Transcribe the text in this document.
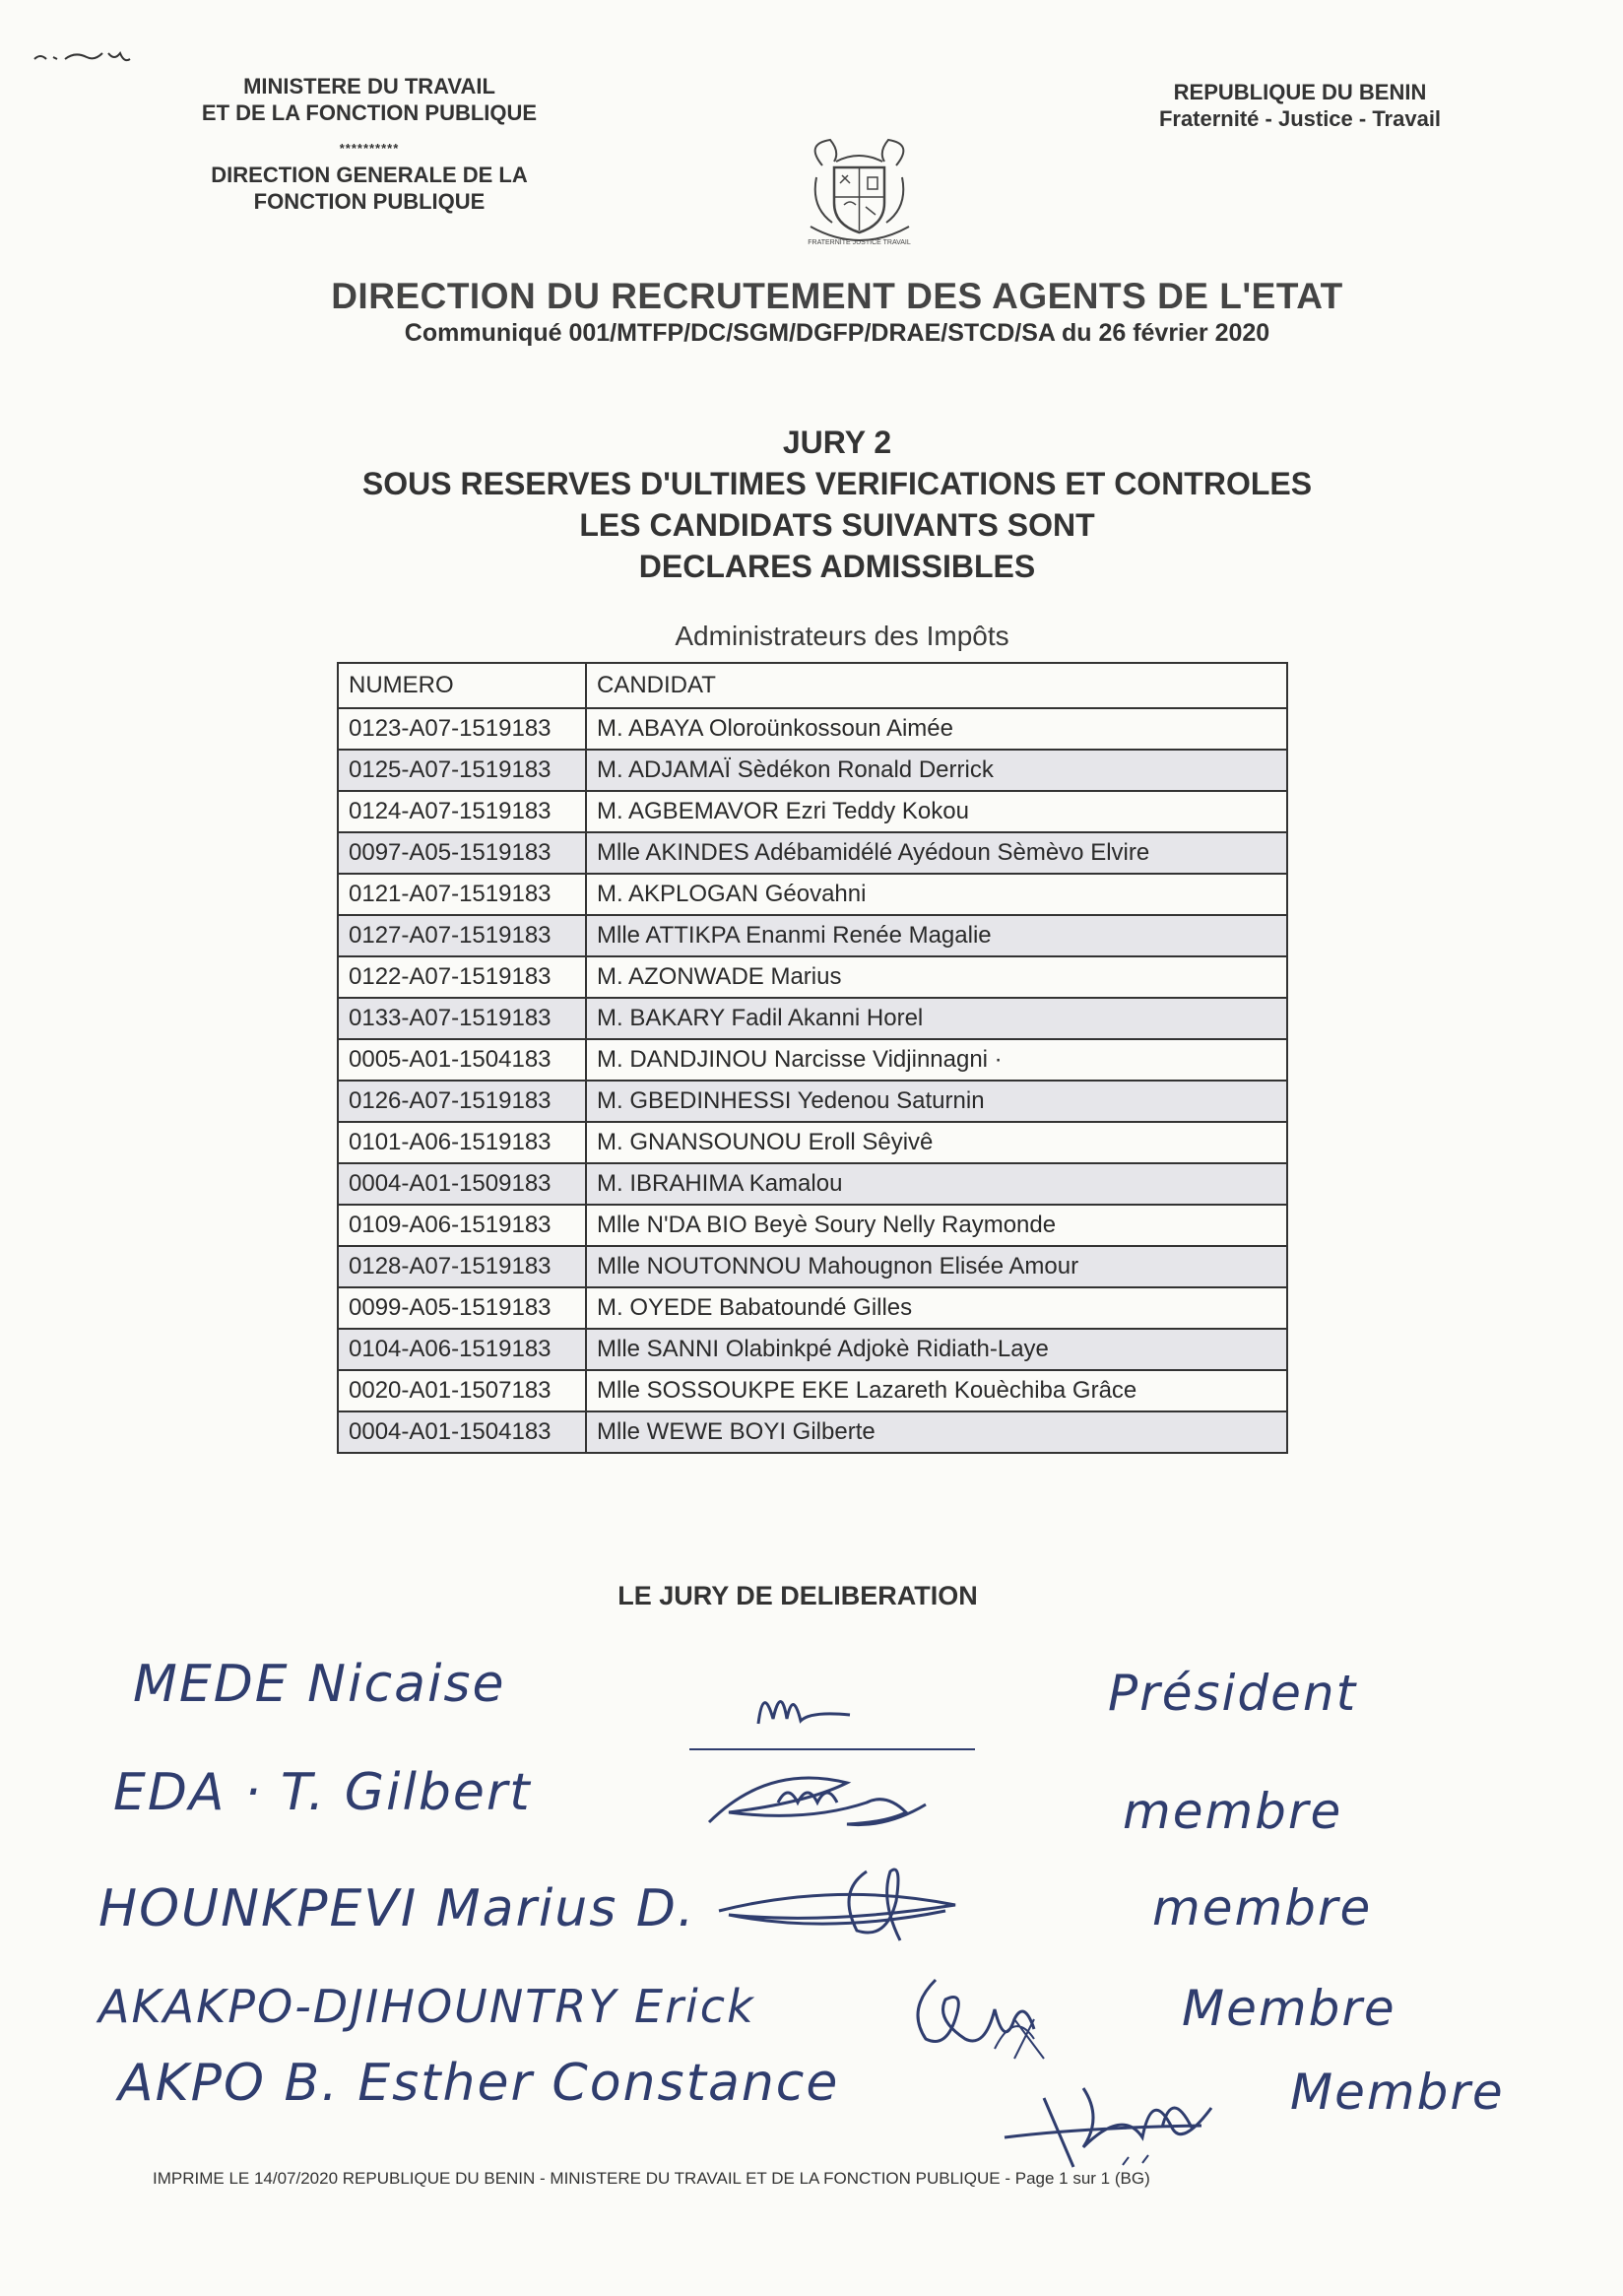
MINISTERE DU TRAVAIL
ET DE LA FONCTION PUBLIQUE
**********
DIRECTION GENERALE DE LA
FONCTION PUBLIQUE
REPUBLIQUE DU BENIN
Fraternité - Justice - Travail
FRATERNITE JUSTICE TRAVAIL
DIRECTION DU RECRUTEMENT DES AGENTS DE L'ETAT
Communiqué 001/MTFP/DC/SGM/DGFP/DRAE/STCD/SA du 26 février 2020
JURY 2
SOUS RESERVES D'ULTIMES VERIFICATIONS ET CONTROLES
LES CANDIDATS SUIVANTS SONT
DECLARES ADMISSIBLES
Administrateurs des Impôts
NUMERO	CANDIDAT
0123-A07-1519183	M. ABAYA Oloroünkossoun Aimée
0125-A07-1519183	M. ADJAMAÏ Sèdékon Ronald Derrick
0124-A07-1519183	M. AGBEMAVOR Ezri Teddy Kokou
0097-A05-1519183	Mlle AKINDES Adébamidélé Ayédoun Sèmèvo Elvire
0121-A07-1519183	M. AKPLOGAN Géovahni
0127-A07-1519183	Mlle ATTIKPA Enanmi Renée Magalie
0122-A07-1519183	M. AZONWADE Marius
0133-A07-1519183	M. BAKARY Fadil Akanni Horel
0005-A01-1504183	M. DANDJINOU Narcisse Vidjinnagni ·
0126-A07-1519183	M. GBEDINHESSI Yedenou Saturnin
0101-A06-1519183	M. GNANSOUNOU Eroll Sêyivê
0004-A01-1509183	M. IBRAHIMA Kamalou
0109-A06-1519183	Mlle N'DA BIO Beyè Soury Nelly Raymonde
0128-A07-1519183	Mlle NOUTONNOU Mahougnon Elisée Amour
0099-A05-1519183	M. OYEDE Babatoundé Gilles
0104-A06-1519183	Mlle SANNI Olabinkpé Adjokè Ridiath-Laye
0020-A01-1507183	Mlle SOSSOUKPE EKE Lazareth Kouèchiba Grâce
0004-A01-1504183	Mlle WEWE BOYI Gilberte
LE JURY DE DELIBERATION
MEDE Nicaise	Président
EDA · T. Gilbert	membre
HOUNKPEVI Marius D.	membre
AKAKPO-DJIHOUNTRY Erick	Membre
AKPO B. Esther Constance	Membre
IMPRIME LE 14/07/2020 REPUBLIQUE DU BENIN - MINISTERE DU TRAVAIL ET DE LA FONCTION PUBLIQUE - Page 1 sur 1 (BG)
